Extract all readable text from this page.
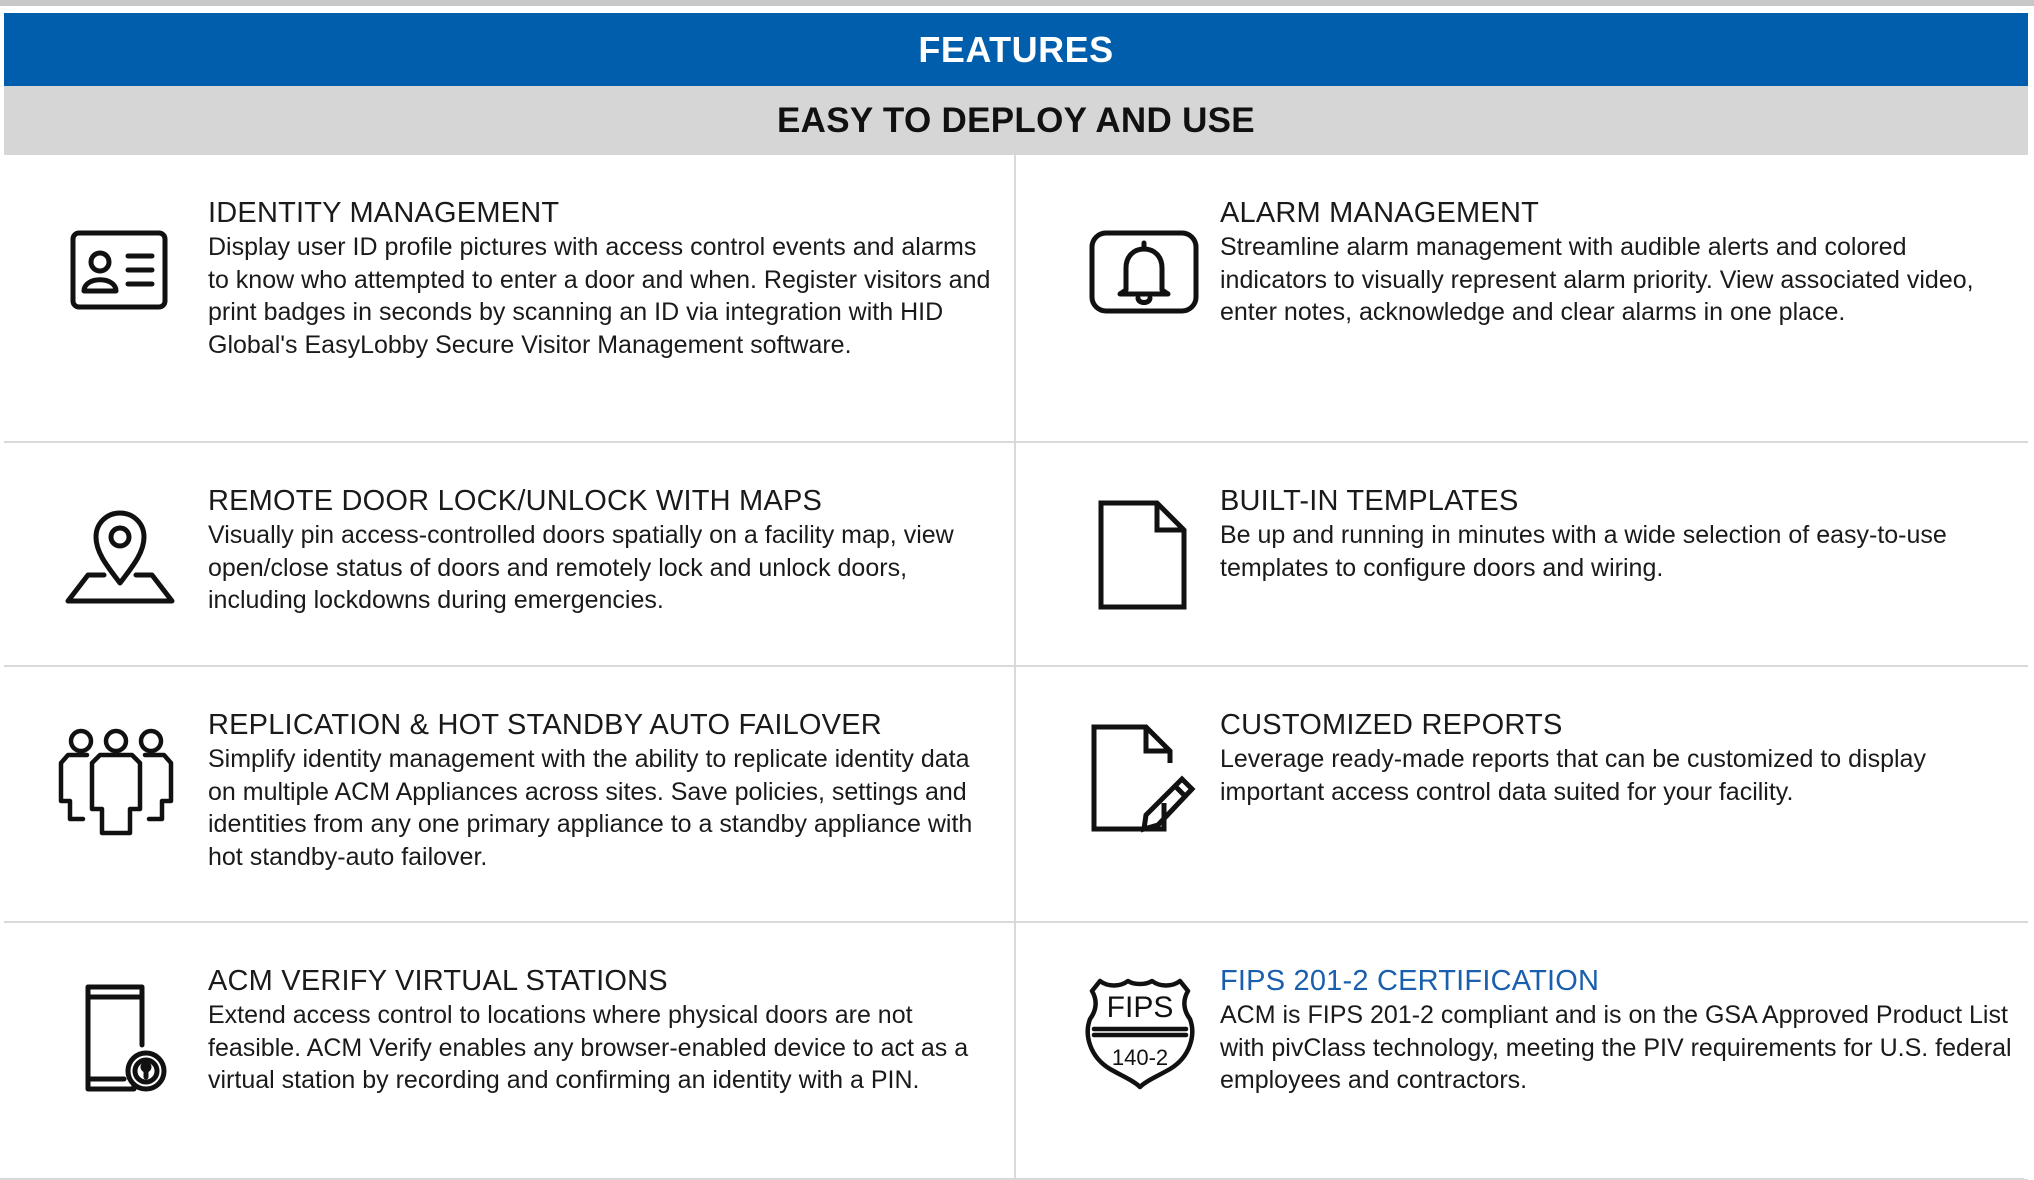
FEATURES
EASY TO DEPLOY AND USE
IDENTITY MANAGEMENT
Display user ID profile pictures with access control events and alarms to know who attempted to enter a door and when. Register visitors and print badges in seconds by scanning an ID via integration with HID Global's EasyLobby Secure Visitor Management software.
ALARM MANAGEMENT
Streamline alarm management with audible alerts and colored indicators to visually represent alarm priority. View associated video, enter notes, acknowledge and clear alarms in one place.
REMOTE DOOR LOCK/UNLOCK WITH MAPS
Visually pin access-controlled doors spatially on a facility map, view open/close status of doors and remotely lock and unlock doors, including lockdowns during emergencies.
BUILT-IN TEMPLATES
Be up and running in minutes with a wide selection of easy-to-use templates to configure doors and wiring.
REPLICATION & HOT STANDBY AUTO FAILOVER
Simplify identity management with the ability to replicate identity data on multiple ACM Appliances across sites. Save policies, settings and identities from any one primary appliance to a standby appliance with hot standby-auto failover.
CUSTOMIZED REPORTS
Leverage ready-made reports that can be customized to display important access control data suited for your facility.
ACM VERIFY VIRTUAL STATIONS
Extend access control to locations where physical doors are not feasible. ACM Verify enables any browser-enabled device to act as a virtual station by recording and confirming an identity with a PIN.
FIPS
140-2
FIPS 201-2 CERTIFICATION
ACM is FIPS 201-2 compliant and is on the GSA Approved Product List with pivClass technology, meeting the PIV requirements for U.S. federal employees and contractors.
